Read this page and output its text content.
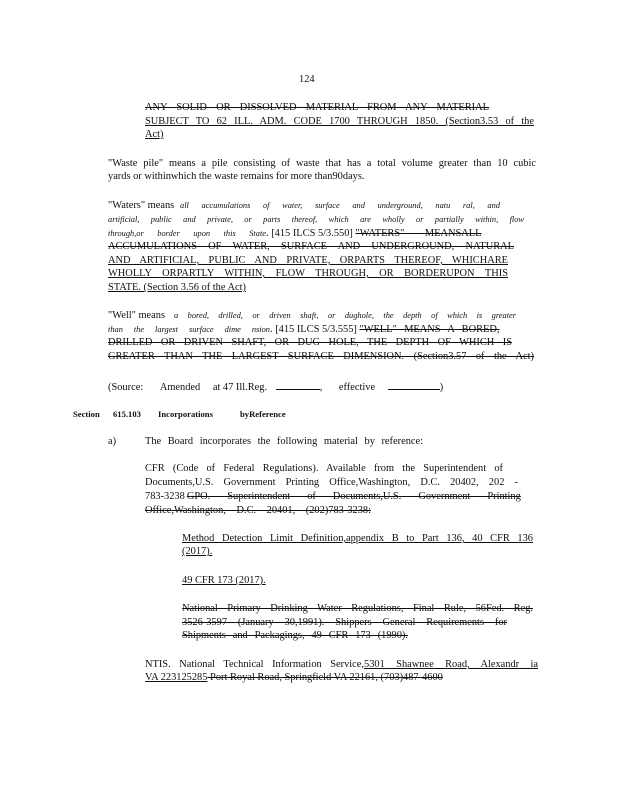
124
ANY SOLID OR DISSOLVED MATERIAL FROM ANY MATERIAL
SUBJECT TO 62 ILL. ADM. CODE 1700 THROUGH 1850. (Section3.53 of the
Act)
"Waste pile" means a pile consisting of waste that has a total volume greater than 10 cubic
yards or withinwhich the waste remains for more than90days.
"Waters" means all accumulations of water, surface and underground, natu ral, and
artificial, public and private, or parts thereof, which are wholly or partially within, flow
through,or border upon this State. [415 ILCS 5/3.550] "WATERS" MEANSALL
ACCUMULATIONS OF WATER, SURFACE AND UNDERGROUND, NATURAL
AND ARTIFICIAL, PUBLIC AND PRIVATE, ORPARTS THEREOF, WHICHARE
WHOLLY ORPARTLY WITHIN, FLOW THROUGH, OR BORDERUPON THIS
STATE. (Section 3.56 of the Act)
"Well" means a bored, drilled, or driven shaft, or dughole, the depth of which is greater
than the largest surface dime nsion. [415 ILCS 5/3.555] "WELL" MEANS A BORED,
DRILLED OR DRIVEN SHAFT, OR DUG HOLE, THE DEPTH OF WHICH IS
GREATER THAN THE LARGEST SURFACE DIMENSION. (Section3.57 of the Act)
(Source: Amended at 47 Ill.Reg.	, effective	)
Section 615.103 Incorporations	byReference
a)	The Board incorporates the following material by reference:
CFR (Code of Federal Regulations). Available from the Superintendent of
Documents,U.S. Government Printing Office,Washington, D.C. 20402, 202 -
783-3238 GPO. Superintendent of Documents,U.S. Government Printing
Office,Washington, D.C. 20401, (202)783-3238:
Method Detection Limit Definition,appendix B to Part 136, 40 CFR 136
(2017).
49 CFR 173 (2017).
National Primary Drinking Water Regulations, Final Rule, 56Fed. Reg.
3526-3597 (January 30,1991). Shippers General Requirements for
Shipments and Packagings, 49 CFR 173 (1990).
NTIS. National Technical Information Service,5301 Shawnee Road, Alexandr ia
VA 223125285 Port Royal Road, Springfield VA 22161, (703)487-4600
